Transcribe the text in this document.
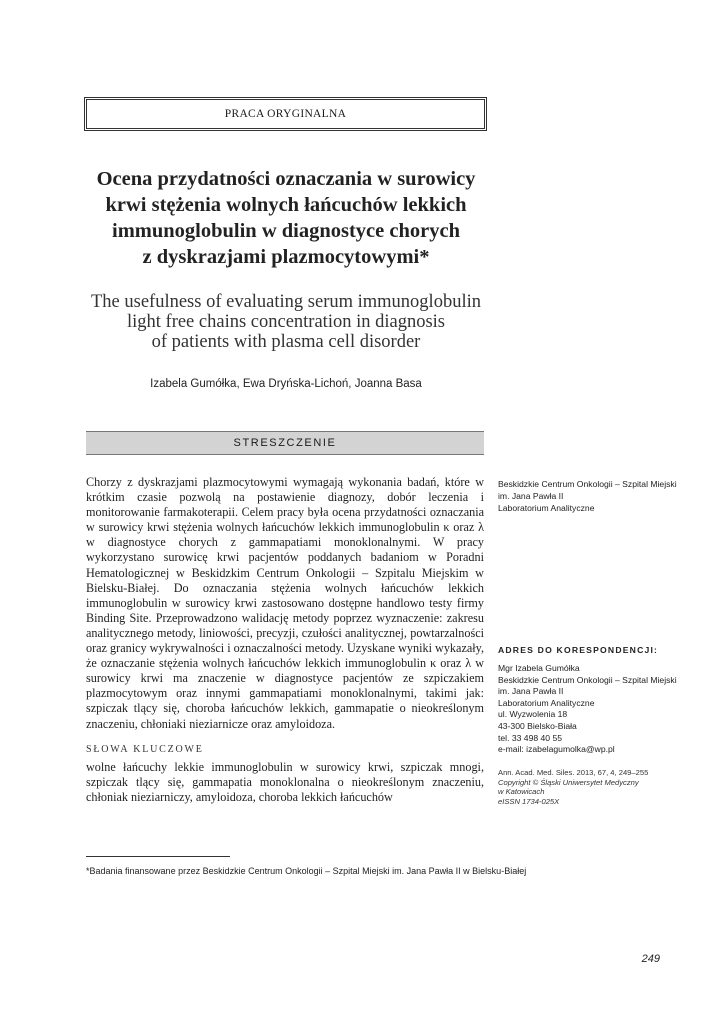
PRACA ORYGINALNA
Ocena przydatności oznaczania w surowicy
krwi stężenia wolnych łańcuchów lekkich
immunoglobulin w diagnostyce chorych
z dyskrazjami plazmocytowymi*
The usefulness of evaluating serum immunoglobulin
light free chains concentration in diagnosis
of patients with plasma cell disorder
Izabela Gumółka, Ewa Dryńska-Lichoń, Joanna Basa
STRESZCZENIE
Chorzy z dyskrazjami plazmocytowymi wymagają wykonania badań, które w krótkim czasie pozwolą na postawienie diagnozy, dobór leczenia i monitorowanie farmakoterapii. Celem pracy była ocena przydatności oznaczania w surowicy krwi stężenia wolnych łańcuchów lekkich immunoglobulin κ oraz λ w diagnostyce chorych z gammapatiami monoklonalnymi. W pracy wykorzystano surowicę krwi pacjentów poddanych badaniom w Poradni Hematologicznej w Beskidzkim Centrum Onkologii – Szpitalu Miejskim w Bielsku-Białej. Do oznaczania stężenia wolnych łańcuchów lekkich immunoglobulin w surowicy krwi zastosowano dostępne handlowo testy firmy Binding Site. Przeprowadzono walidację metody poprzez wyznaczenie: zakresu analitycznego metody, liniowości, precyzji, czułości analitycznej, powtarzalności oraz granicy wykrywalności i oznaczalności metody. Uzyskane wyniki wykazały, że oznaczanie stężenia wolnych łańcuchów lekkich immunoglobulin κ oraz λ w surowicy krwi ma znaczenie w diagnostyce pacjentów ze szpiczakiem plazmocytowym oraz innymi gammapatiami monoklonalnymi, takimi jak: szpiczak tlący się, choroba łańcuchów lekkich, gammapatie o nieokreślonym znaczeniu, chłoniaki nieziarnicze oraz amyloidoza.
SŁOWA KLUCZOWE
wolne łańcuchy lekkie immunoglobulin w surowicy krwi, szpiczak mnogi, szpiczak tlący się, gammapatia monoklonalna o nieokreślonym znaczeniu, chłoniak nieziarniczy, amyloidoza, choroba lekkich łańcuchów
Beskidzkie Centrum Onkologii – Szpital Miejski
im. Jana Pawła II
Laboratorium Analityczne
ADRES DO KORESPONDENCJI:
Mgr Izabela Gumółka
Beskidzkie Centrum Onkologii – Szpital Miejski
im. Jana Pawła II
Laboratorium Analityczne
ul. Wyzwolenia 18
43-300 Bielsko-Biała
tel. 33 498 40 55
e-mail: izabelagumolka@wp.pl
Ann. Acad. Med. Siles. 2013, 67, 4, 249–255
Copyright © Śląski Uniwersytet Medyczny
w Katowicach
eISSN 1734-025X
*Badania finansowane przez Beskidzkie Centrum Onkologii – Szpital Miejski im. Jana Pawła II w Bielsku-Białej
249
